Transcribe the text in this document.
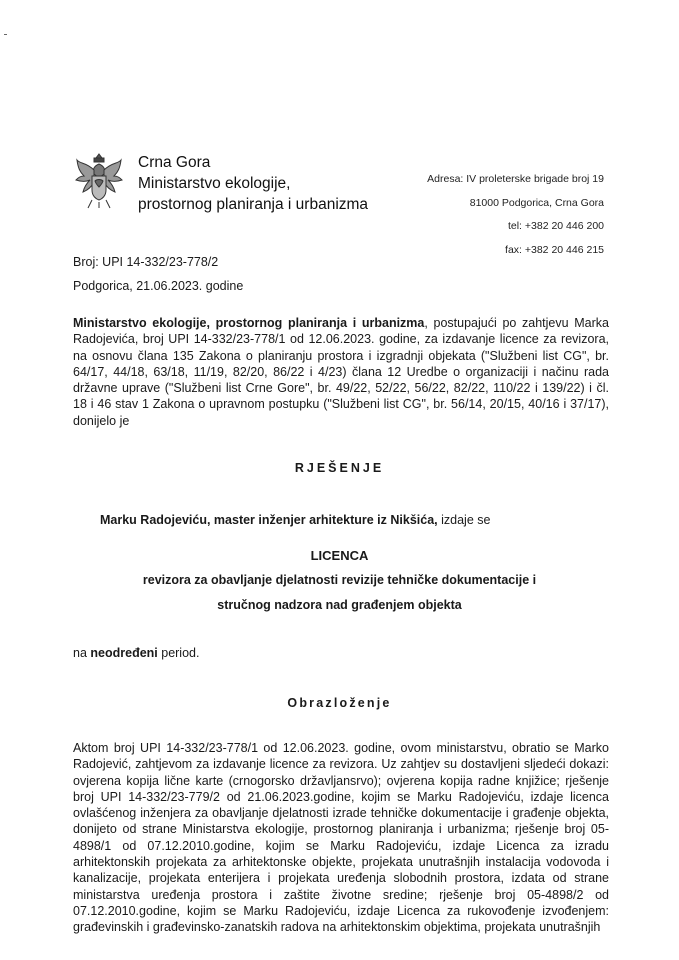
Crna Gora
Ministarstvo ekologije,
prostornog planiranja i urbanizma
Adresa: IV proleterske brigade broj 19
81000 Podgorica, Crna Gora
tel: +382 20 446 200
fax: +382 20 446 215
Broj: UPI 14-332/23-778/2
Podgorica, 21.06.2023. godine
Ministarstvo ekologije, prostornog planiranja i urbanizma, postupajući po zahtjevu Marka Radojevića, broj UPI 14-332/23-778/1 od 12.06.2023. godine, za izdavanje licence za revizora, na osnovu člana 135 Zakona o planiranju prostora i izgradnji objekata ("Službeni list CG", br. 64/17, 44/18, 63/18, 11/19, 82/20, 86/22 i 4/23) člana 12 Uredbe o organizaciji i načinu rada državne uprave ("Službeni list Crne Gore", br. 49/22, 52/22, 56/22, 82/22, 110/22 i 139/22) i čl. 18 i 46 stav 1 Zakona o upravnom postupku ("Službeni list CG", br. 56/14, 20/15, 40/16 i 37/17), donijelo je
RJEŠENJE
Marku Radojeviću, master inženjer arhitekture iz Nikšića, izdaje se
LICENCA
revizora za obavljanje djelatnosti revizije tehničke dokumentacije i
stručnog nadzora nad građenjem objekta
na neodređeni period.
Obrazloženje
Aktom broj UPI 14-332/23-778/1 od 12.06.2023. godine, ovom ministarstvu, obratio se Marko Radojević, zahtjevom za izdavanje licence za revizora. Uz zahtjev su dostavljeni sljedeći dokazi: ovjerena kopija lične karte (crnogorsko državljansrvo); ovjerena kopija radne knjižice; rješenje broj UPI 14-332/23-779/2 od 21.06.2023.godine, kojim se Marku Radojeviću, izdaje licenca ovlašćenog inženjera za obavljanje djelatnosti izrade tehničke dokumentacije i građenje objekta, donijeto od strane Ministarstva ekologije, prostornog planiranja i urbanizma; rješenje broj 05-4898/1 od 07.12.2010.godine, kojim se Marku Radojeviću, izdaje Licenca za izradu arhitektonskih projekata za arhitektonske objekte, projekata unutrašnjih instalacija vodovoda i kanalizacije, projekata enterijera i projekata uređenja slobodnih prostora, izdata od strane ministarstva uređenja prostora i zaštite životne sredine; rješenje broj 05-4898/2 od 07.12.2010.godine, kojim se Marku Radojeviću, izdaje Licenca za rukovođenje izvođenjem: građevinskih i građevinsko-zanatskih radova na arhitektonskim objektima, projekata unutrašnjih
